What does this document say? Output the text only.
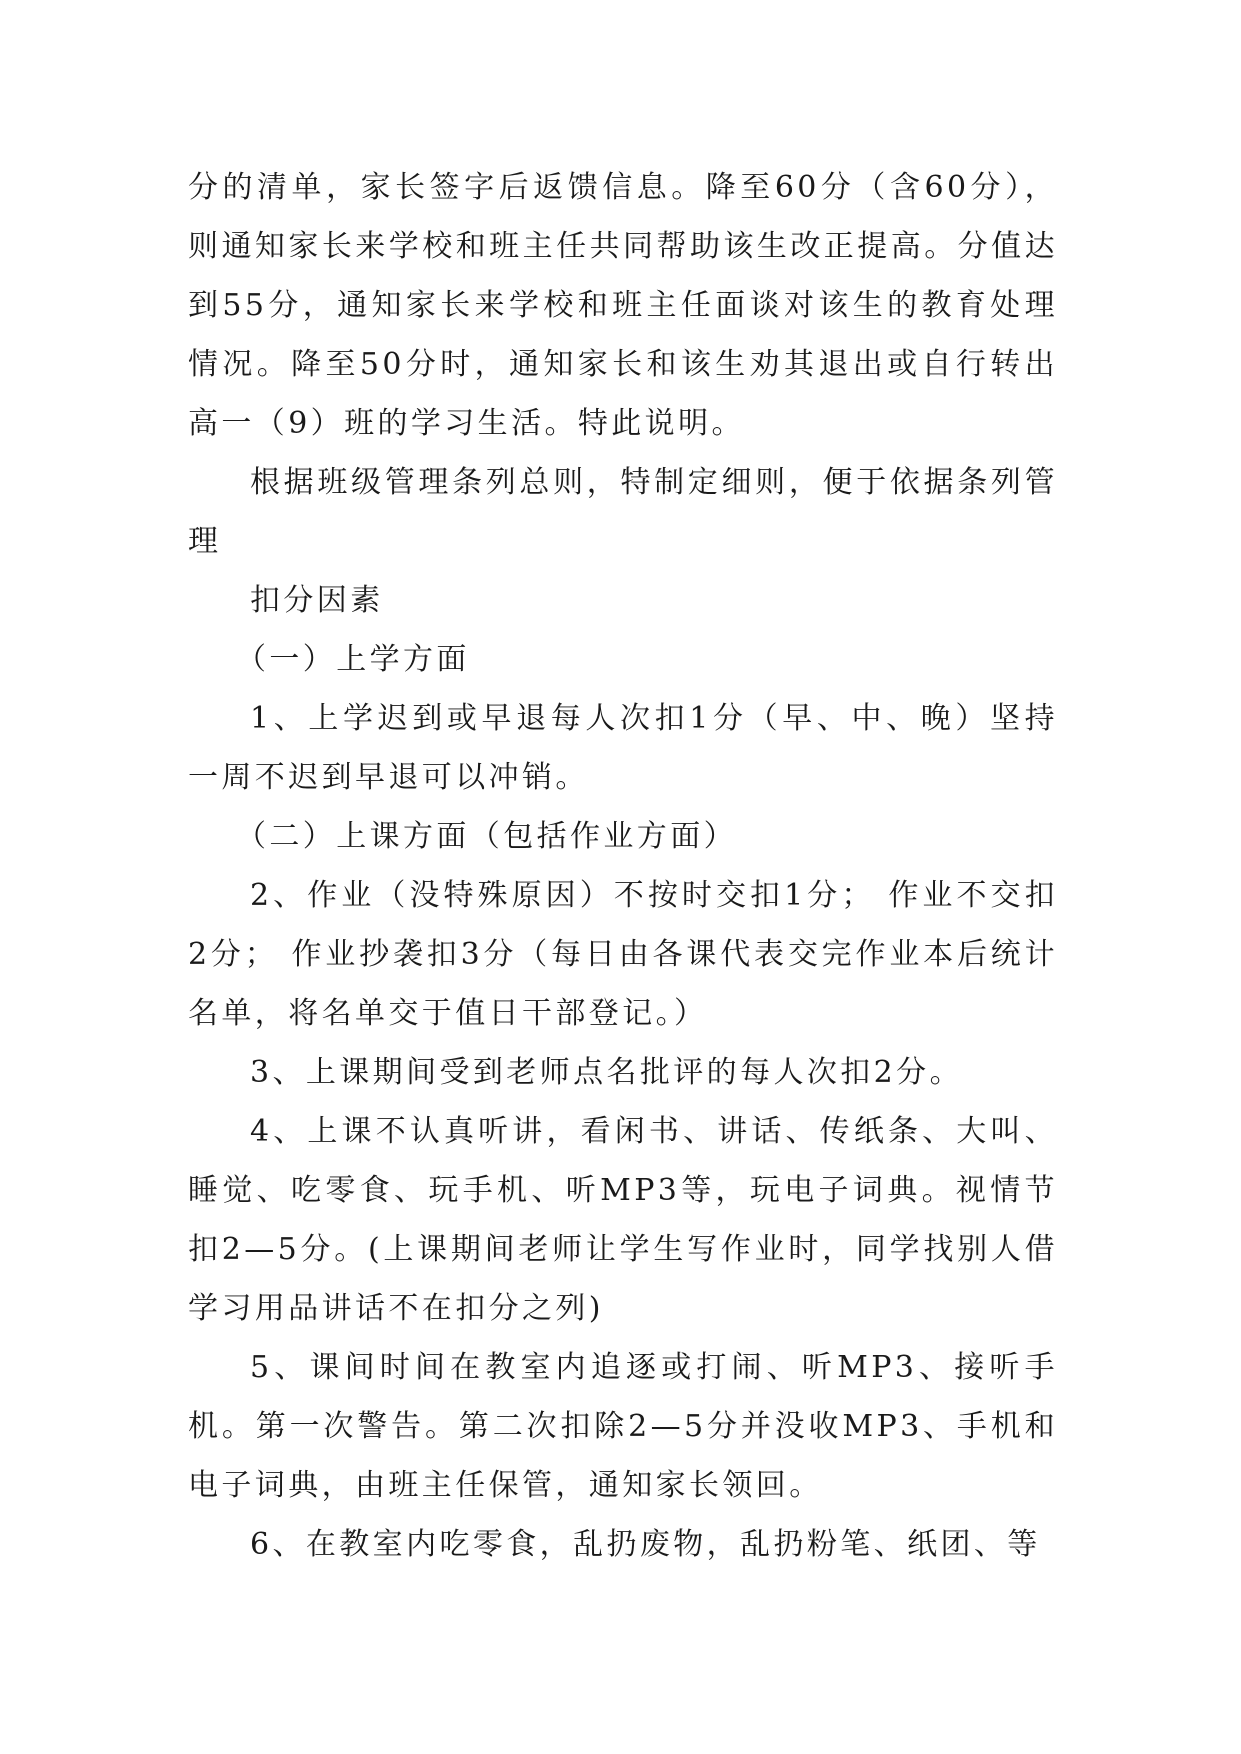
分的清单，家长签字后返馈信息。降至60分（含60分），则通知家长来学校和班主任共同帮助该生改正提高。分值达到55分，通知家长来学校和班主任面谈对该生的教育处理情况。降至50分时，通知家长和该生劝其退出或自行转出高一（9）班的学习生活。特此说明。

根据班级管理条列总则，特制定细则，便于依据条列管理

扣分因素

（一）上学方面

1、上学迟到或早退每人次扣1分（早、中、晚）坚持一周不迟到早退可以冲销。

（二）上课方面（包括作业方面）

2、作业（没特殊原因）不按时交扣1分； 作业不交扣2分； 作业抄袭扣3分（每日由各课代表交完作业本后统计名单，将名单交于值日干部登记。）

3、上课期间受到老师点名批评的每人次扣2分。

4、上课不认真听讲，看闲书、讲话、传纸条、大叫、睡觉、吃零食、玩手机、听MP3等，玩电子词典。视情节扣2—5分。(上课期间老师让学生写作业时，同学找别人借学习用品讲话不在扣分之列)

5、课间时间在教室内追逐或打闹、听MP3、接听手机。第一次警告。第二次扣除2—5分并没收MP3、手机和电子词典，由班主任保管，通知家长领回。

6、在教室内吃零食，乱扔废物，乱扔粉笔、纸团、等
